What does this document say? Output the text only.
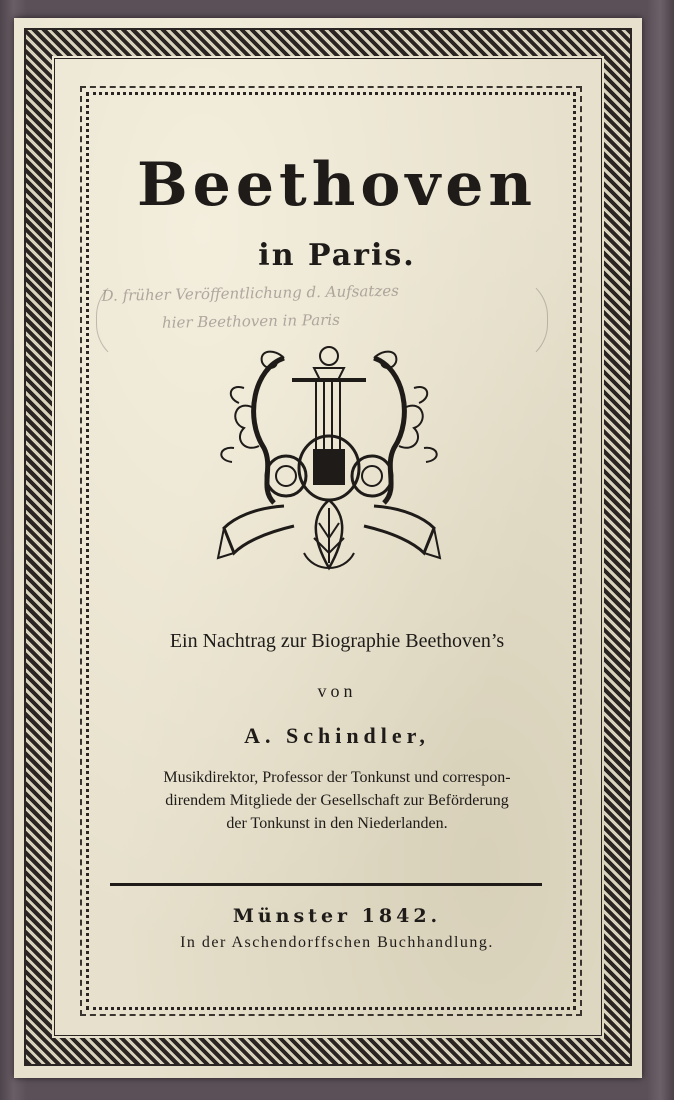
Beethoven
in Paris.
D. früher Veröffentlichung d. Aufsatzes
hier Beethoven in Paris
Ein Nachtrag zur Biographie Beethoven’s
von
A. Schindler,
Musikdirektor, Professor der Tonkunst und correspon-
direndem Mitgliede der Gesellschaft zur Beförderung
der Tonkunst in den Niederlanden.
Münster 1842.
In der Aschendorffschen Buchhandlung.
